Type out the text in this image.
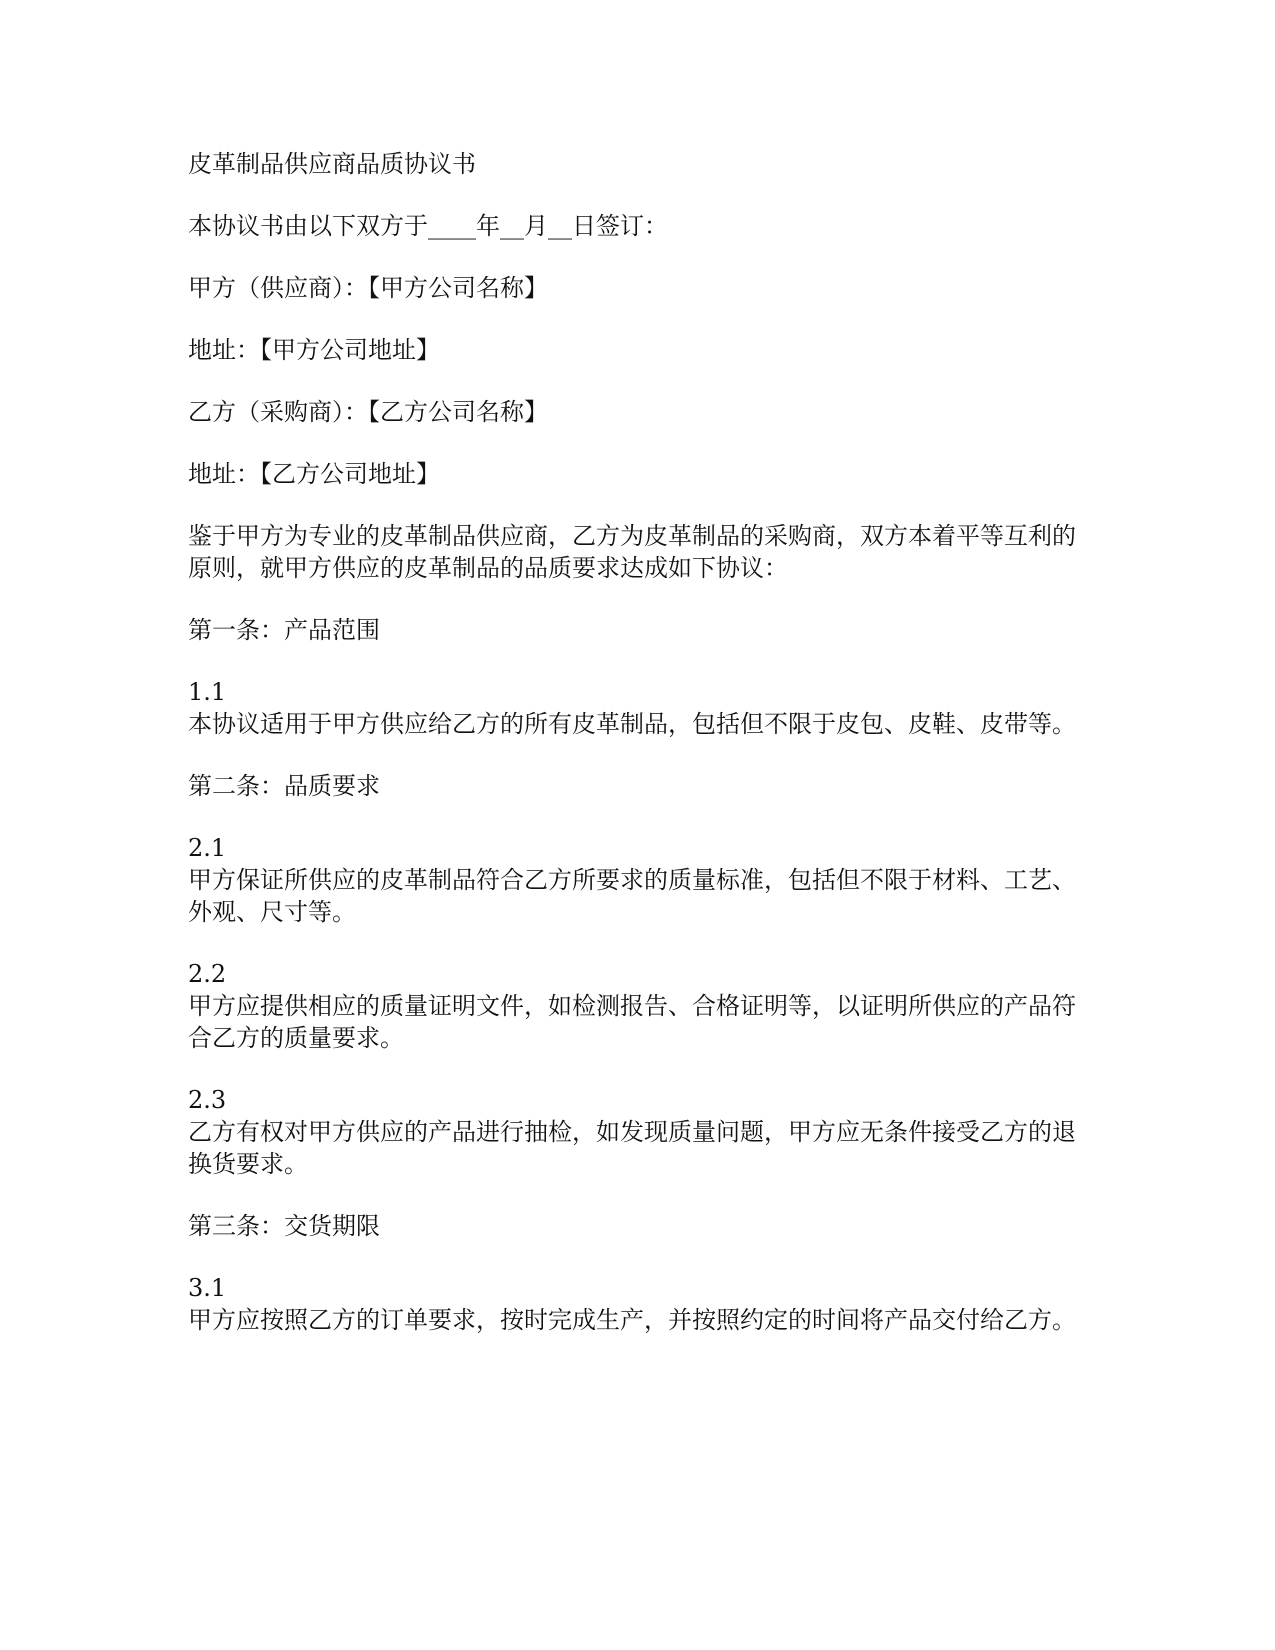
皮革制品供应商品质协议书

本协议书由以下双方于____年__月__日签订：

甲方（供应商）：【甲方公司名称】

地址：【甲方公司地址】

乙方（采购商）：【乙方公司名称】

地址：【乙方公司地址】

鉴于甲方为专业的皮革制品供应商，乙方为皮革制品的采购商，双方本着平等互利的原则，就甲方供应的皮革制品的品质要求达成如下协议：

第一条：产品范围

1.1
本协议适用于甲方供应给乙方的所有皮革制品，包括但不限于皮包、皮鞋、皮带等。

第二条：品质要求

2.1
甲方保证所供应的皮革制品符合乙方所要求的质量标准，包括但不限于材料、工艺、外观、尺寸等。
2.2
甲方应提供相应的质量证明文件，如检测报告、合格证明等，以证明所供应的产品符合乙方的质量要求。
2.3
乙方有权对甲方供应的产品进行抽检，如发现质量问题，甲方应无条件接受乙方的退换货要求。

第三条：交货期限

3.1
甲方应按照乙方的订单要求，按时完成生产，并按照约定的时间将产品交付给乙方。
